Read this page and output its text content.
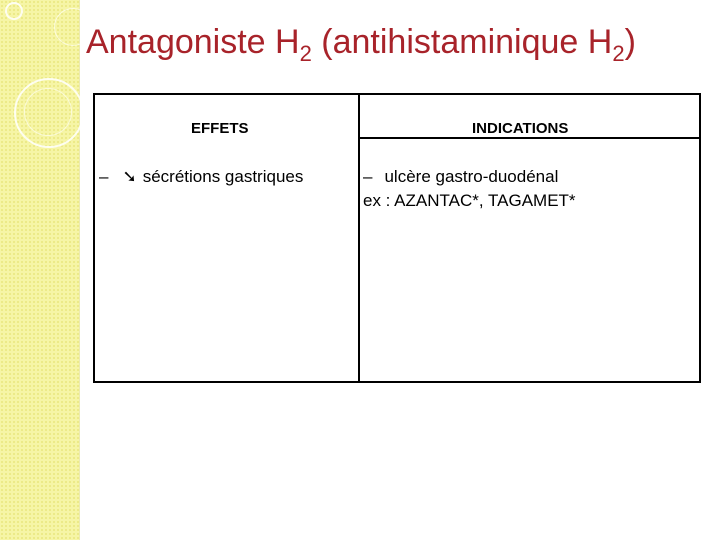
Antagoniste $H_2$ (antihistaminique $H_2$)
EFFETS	INDICATIONS
– ➘ sécrétions gastriques	– ulcère gastro-duodénal
ex : AZANTAC*, TAGAMET*
